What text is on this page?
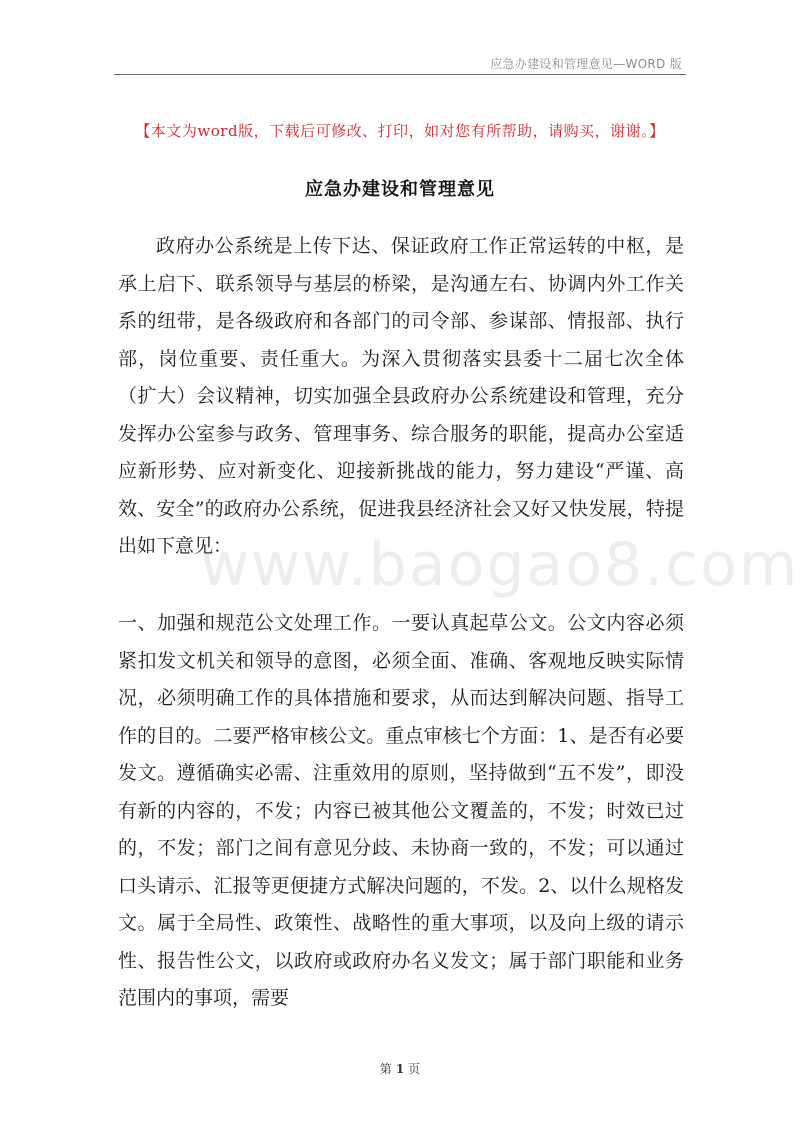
www.baogao8.com
应急办建设和管理意见—WORD 版
【本文为word版，下载后可修改、打印，如对您有所帮助，请购买，谢谢。】
应急办建设和管理意见

政府办公系统是上传下达、保证政府工作正常运转的中枢，是承上启下、联系领导与基层的桥梁，是沟通左右、协调内外工作关系的纽带，是各级政府和各部门的司令部、参谋部、情报部、执行部，岗位重要、责任重大。为深入贯彻落实县委十二届七次全体（扩大）会议精神，切实加强全县政府办公系统建设和管理，充分发挥办公室参与政务、管理事务、综合服务的职能，提高办公室适应新形势、应对新变化、迎接新挑战的能力，努力建设“严谨、高效、安全”的政府办公系统，促进我县经济社会又好又快发展，特提出如下意见：

一、加强和规范公文处理工作。一要认真起草公文。公文内容必须紧扣发文机关和领导的意图，必须全面、准确、客观地反映实际情况，必须明确工作的具体措施和要求，从而达到解决问题、指导工作的目的。二要严格审核公文。重点审核七个方面：1、是否有必要发文。遵循确实必需、注重效用的原则，坚持做到“五不发”，即没有新的内容的，不发；内容已被其他公文覆盖的，不发；时效已过的，不发；部门之间有意见分歧、未协商一致的，不发；可以通过口头请示、汇报等更便捷方式解决问题的，不发。2、以什么规格发文。属于全局性、政策性、战略性的重大事项，以及向上级的请示性、报告性公文，以政府或政府办名义发文；属于部门职能和业务范围内的事项，需要

第 1 页
